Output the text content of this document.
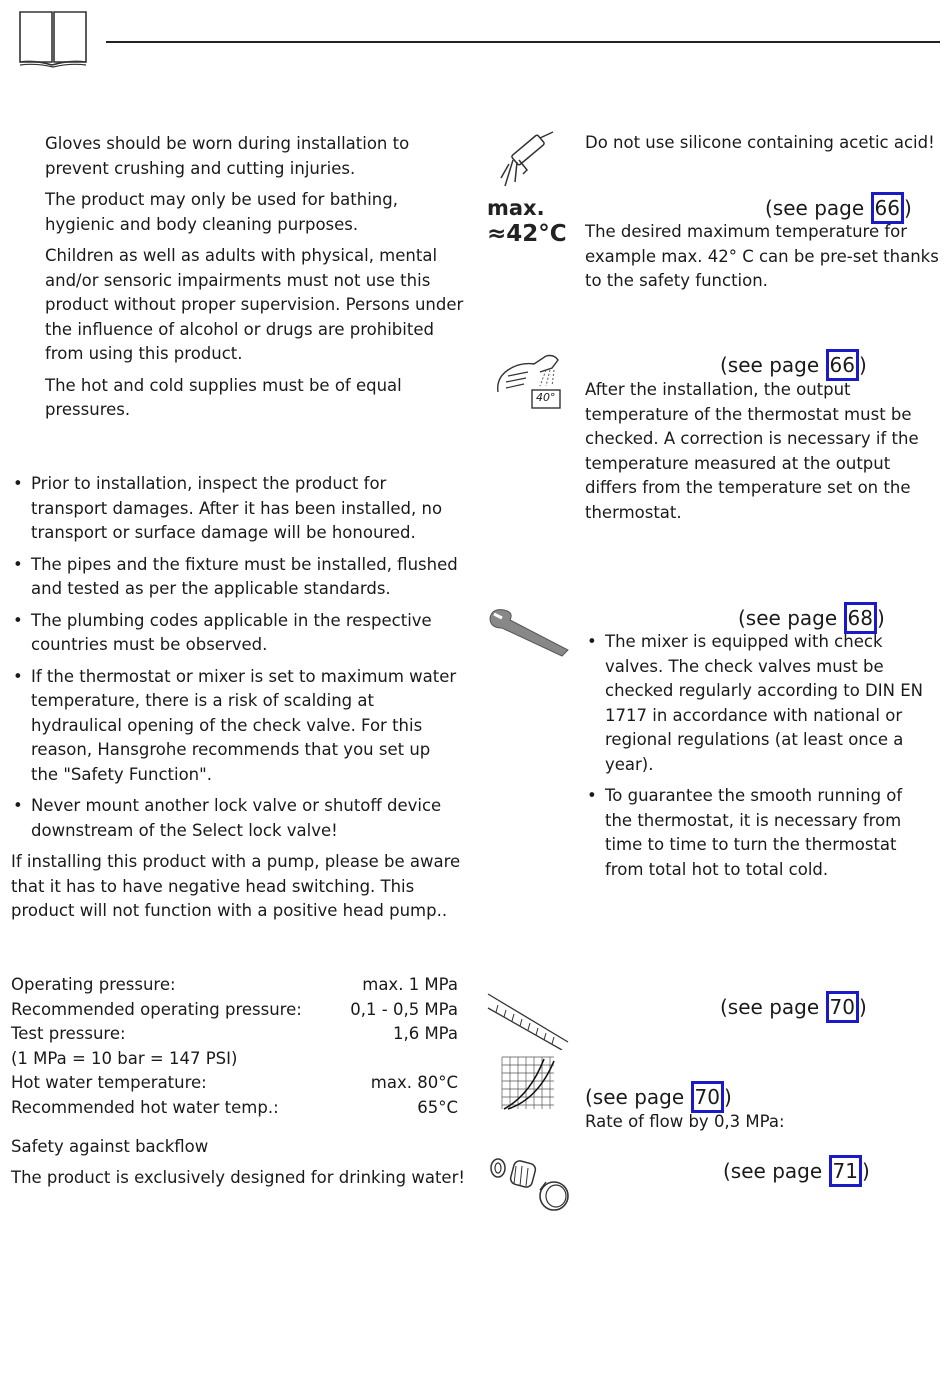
Gloves should be worn during installation to prevent crushing and cutting injuries.

The product may only be used for bathing, hygienic and body cleaning purposes.

Children as well as adults with physical, mental and/or sensoric impairments must not use this product without proper supervision. Persons under the influence of alcohol or drugs are prohibited from using this product.

The hot and cold supplies must be of equal pressures.

• Prior to installation, inspect the product for transport damages. After it has been installed, no transport or surface damage will be honoured.
• The pipes and the fixture must be installed, flushed and tested as per the applicable standards.
• The plumbing codes applicable in the respective countries must be observed.
• If the thermostat or mixer is set to maximum water temperature, there is a risk of scalding at hydraulical opening of the check valve. For this reason, Hansgrohe recommends that you set up the "Safety Function".
• Never mount another lock valve or shutoff device downstream of the Select lock valve!
If installing this product with a pump, please be aware that it has to have negative head switching. This product will not function with a positive head pump..
Operating pressure:	max. 1 MPa
Recommended operating pressure:	0,1 - 0,5 MPa
Test pressure:	1,6 MPa
(1 MPa = 10 bar = 147 PSI)
Hot water temperature:	max. 80°C
Recommended hot water temp.:	65°C
Safety against backflow
The product is exclusively designed for drinking water!
Do not use silicone containing acetic acid!
max.
≈42°C
(see page 66 )
The desired maximum temperature for example max. 42° C can be pre-set thanks to the safety function.
40°
(see page 66 )
After the installation, the output temperature of the thermostat must be checked. A correction is necessary if the temperature measured at the output differs from the temperature set on the thermostat.
(see page 68 )
• The mixer is equipped with check valves. The check valves must be checked regularly according to DIN EN 1717 in accordance with national or regional regulations (at least once a year).
• To guarantee the smooth running of the thermostat, it is necessary from time to time to turn the thermostat from total hot to total cold.
(see page 70 )
(see page 70 )
Rate of flow by 0,3 MPa:
(see page 71 )
